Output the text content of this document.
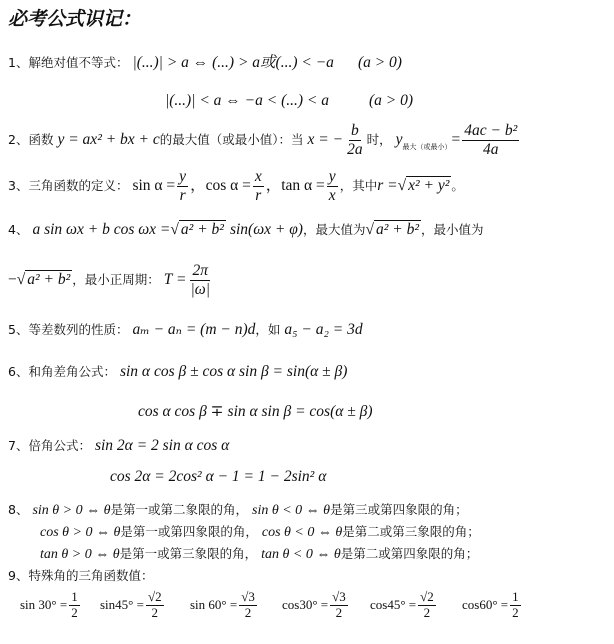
必考公式识记：
1、解绝对值不等式： |(...)| > a ⇔ (...) > a或(...) < −a (a > 0)
|(...)| < a ⇔ −a < (...) < a	(a > 0)
2、函数 y = ax² + bx + c的最大值（或最小值）：当 x = − $\frac{b}{2a}$ 时， $y_{最大(或最小)}= \frac{\text{4ac − b²}}{4a}$
3、三角函数的定义： $\sin \alpha = \frac{y}{r}$ ，$\cos \alpha = \frac{x}{r}$ ，$\tan \alpha = \frac{y}{x}$ ，其中r =√ x² + y² 。
4、 a sin ωx + b cos ωx =√ a² + b² sin(ωx + φ)，最大值为√ a² + b² ，最小值为
−√ a² + b² ，最小正周期： $T = \frac{2\pi}{|\omega|}$
5、等差数列的性质： aₘ − aₙ = (m − n)d，如 a₅ − a₂ = 3d
6、和角差角公式： sin α cos β ± cos α sin β = sin(α ± β)
cos α cos β ∓ sin α sin β = cos(α ± β)
7、倍角公式： sin 2α = 2 sin α cos α
cos 2α = 2cos² α − 1 = 1 − 2sin² α
8、 sin θ > 0 ⇔ θ是第一或第二象限的角， sin θ < 0 ⇔ θ是第三或第四象限的角；
cos θ > 0 ⇔ θ是第一或第四象限的角， cos θ < 0 ⇔ θ是第二或第三象限的角；
tan θ > 0 ⇔ θ是第一或第三象限的角， tan θ < 0 ⇔ θ是第二或第四象限的角；
9、特殊角的三角函数值：
$\sin 30^\circ = \frac{1}{2} \sin 45^\circ = \frac{√2}{2}$ $\sin 60^\circ = \frac{√3}{2} \cos 30^\circ = \frac{√3}{2} \cos 45^\circ = \frac{√2}{2} \cos 60^\circ = \frac{1}{2}$
